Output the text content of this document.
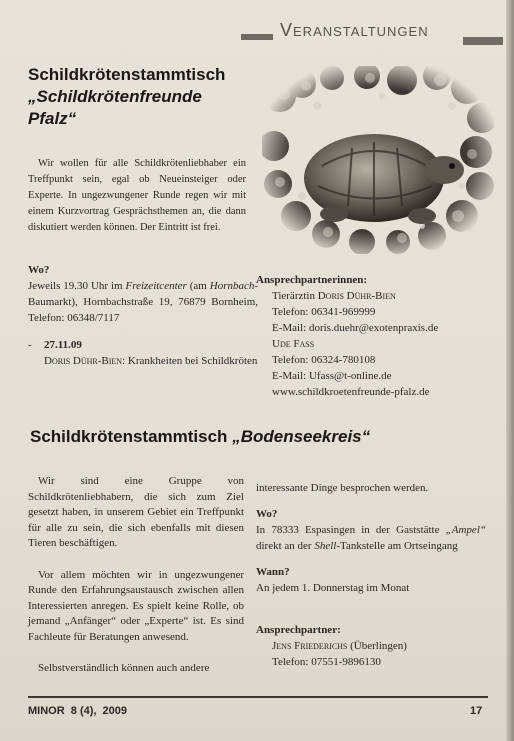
Veranstaltungen
Schildkrötenstammtisch
„Schildkrötenfreunde
Pfalz“
Wir wollen für alle Schildkrötenliebhaber ein Treffpunkt sein, egal ob Neueinsteiger oder Experte. In ungezwungener Runde regen wir mit einem Kurzvortrag Gesprächsthemen an, die dann diskutiert werden können. Der Eintritt ist frei.
Wo?
Jeweils 19.30 Uhr im Freizeitcenter (am Hornbach-Baumarkt), Hornbachstraße 19, 76879 Bornheim, Telefon: 06348/7117
- 27.11.09
Doris Dühr-Bien: Krankheiten bei Schildkröten
Ansprechpartnerinnen:
Tierärztin Doris Dühr-Bien
Telefon: 06341-969999
E-Mail: doris.duehr@exotenpraxis.de
Ude Fass
Telefon: 06324-780108
E-Mail: Ufass@t-online.de
www.schildkroetenfreunde-pfalz.de
Schildkrötenstammtisch „Bodenseekreis“
Wir sind eine Gruppe von Schildkrötenliebhabern, die sich zum Ziel gesetzt haben, in unserem Gebiet ein Treffpunkt für alle zu sein, die sich ebenfalls mit diesen Tieren beschäftigen.
Vor allem möchten wir in ungezwungener Runde den Erfahrungsaustausch zwischen allen Interessierten anregen. Es spielt keine Rolle, ob jemand „Anfänger“ oder „Experte“ ist. Es sind Fachleute für Beratungen anwesend.
Selbstverständlich können auch andere
interessante Dinge besprochen werden.
Wo?
In 78333 Espasingen in der Gaststätte „Ampel“ direkt an der Shell-Tankstelle am Ortseingang
Wann?
An jedem 1. Donnerstag im Monat
Ansprechpartner:
Jens Friederichs (Überlingen)
Telefon: 07551-9896130
MINOR  8 (4),  2009	17
